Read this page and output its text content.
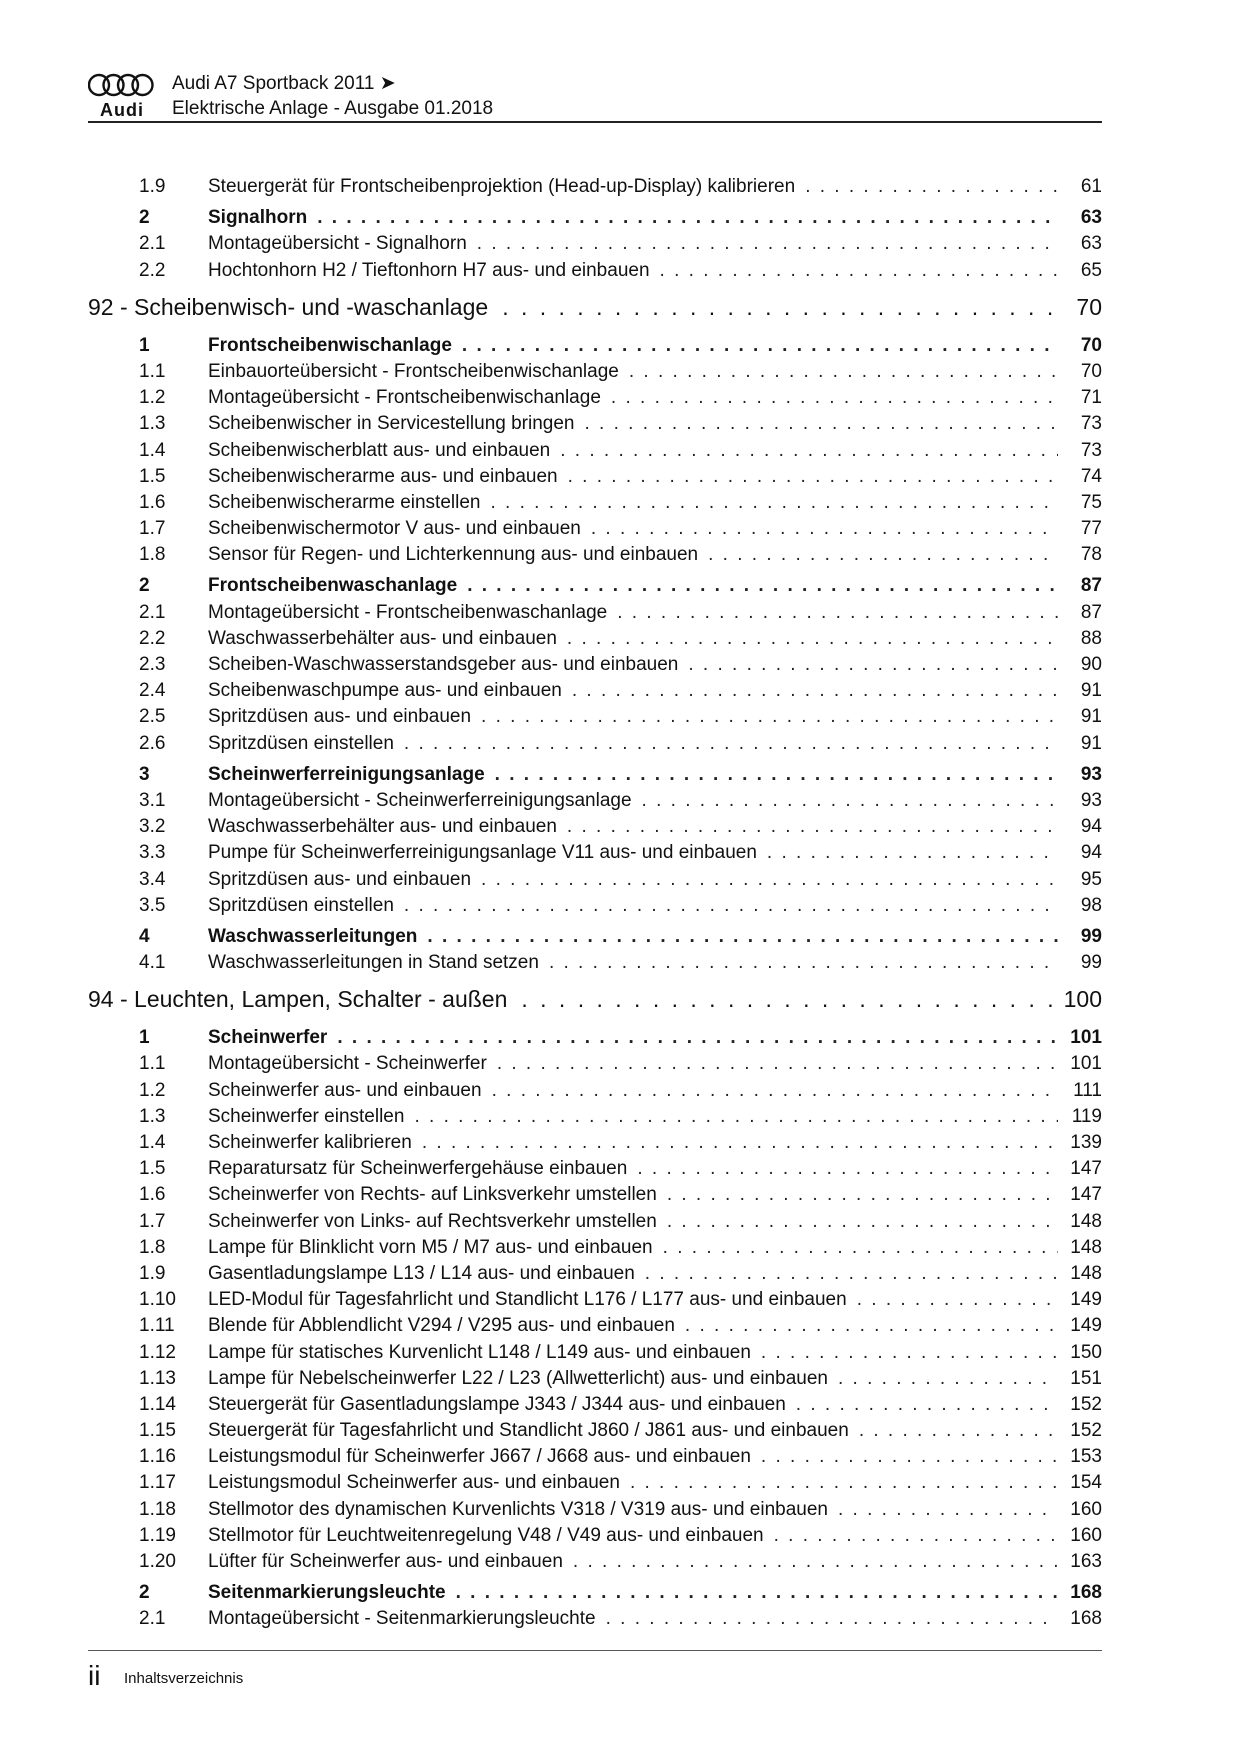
Audi
Audi A7 Sportback 2011 ➤
Elektrische Anlage - Ausgabe 01.2018
1.9 Steuergerät für Frontscheibenprojektion (Head-up-Display) kalibrieren . . .	61
2	Signalhorn . . .	63
2.1 Montageübersicht - Signalhorn . . .	63
2.2 Hochtonhorn H2 / Tieftonhorn H7 aus- und einbauen . . .	65
92 - Scheibenwisch- und -waschanlage . . .	70
1	Frontscheibenwischanlage . . .	70
1.1 Einbauorteübersicht - Frontscheibenwischanlage . . .	70
1.2 Montageübersicht - Frontscheibenwischanlage . . .	71
1.3 Scheibenwischer in Servicestellung bringen . . .	73
1.4 Scheibenwischerblatt aus- und einbauen . . .	73
1.5 Scheibenwischerarme aus- und einbauen . . .	74
1.6 Scheibenwischerarme einstellen . . .	75
1.7 Scheibenwischermotor V aus- und einbauen . . .	77
1.8 Sensor für Regen- und Lichterkennung aus- und einbauen . . .	78
2	Frontscheibenwaschanlage . . .	87
2.1 Montageübersicht - Frontscheibenwaschanlage . . .	87
2.2 Waschwasserbehälter aus- und einbauen . . .	88
2.3 Scheiben-Waschwasserstandsgeber aus- und einbauen . . .	90
2.4 Scheibenwaschpumpe aus- und einbauen . . .	91
2.5 Spritzdüsen aus- und einbauen . . .	91
2.6 Spritzdüsen einstellen . . .	91
3	Scheinwerferreinigungsanlage . . .	93
3.1 Montageübersicht - Scheinwerferreinigungsanlage . . .	93
3.2 Waschwasserbehälter aus- und einbauen . . .	94
3.3 Pumpe für Scheinwerferreinigungsanlage V11 aus- und einbauen . . .	94
3.4 Spritzdüsen aus- und einbauen . . .	95
3.5 Spritzdüsen einstellen . . .	98
4	Waschwasserleitungen . . .	99
4.1 Waschwasserleitungen in Stand setzen . . .	99
94 - Leuchten, Lampen, Schalter - außen . . .	100
1	Scheinwerfer . . .	101
1.1 Montageübersicht - Scheinwerfer . . .	101
1.2 Scheinwerfer aus- und einbauen . . .	111
1.3 Scheinwerfer einstellen . . .	119
1.4 Scheinwerfer kalibrieren . . .	139
1.5 Reparatursatz für Scheinwerfergehäuse einbauen . . .	147
1.6 Scheinwerfer von Rechts- auf Linksverkehr umstellen . . .	147
1.7 Scheinwerfer von Links- auf Rechtsverkehr umstellen . . .	148
1.8 Lampe für Blinklicht vorn M5 / M7 aus- und einbauen . . .	148
1.9 Gasentladungslampe L13 / L14 aus- und einbauen . . .	148
1.10 LED-Modul für Tagesfahrlicht und Standlicht L176 / L177 aus- und einbauen . . .	149
1.11 Blende für Abblendlicht V294 / V295 aus- und einbauen . . .	149
1.12 Lampe für statisches Kurvenlicht L148 / L149 aus- und einbauen . . .	150
1.13 Lampe für Nebelscheinwerfer L22 / L23 (Allwetterlicht) aus- und einbauen . . .	151
1.14 Steuergerät für Gasentladungslampe J343 / J344 aus- und einbauen . . .	152
1.15 Steuergerät für Tagesfahrlicht und Standlicht J860 / J861 aus- und einbauen . . .	152
1.16 Leistungsmodul für Scheinwerfer J667 / J668 aus- und einbauen . . .	153
1.17 Leistungsmodul Scheinwerfer aus- und einbauen . . .	154
1.18 Stellmotor des dynamischen Kurvenlichts V318 / V319 aus- und einbauen . . .	160
1.19 Stellmotor für Leuchtweitenregelung V48 / V49 aus- und einbauen . . .	160
1.20 Lüfter für Scheinwerfer aus- und einbauen . . .	163
2	Seitenmarkierungsleuchte . . .	168
2.1 Montageübersicht - Seitenmarkierungsleuchte . . .	168
ii Inhaltsverzeichnis
